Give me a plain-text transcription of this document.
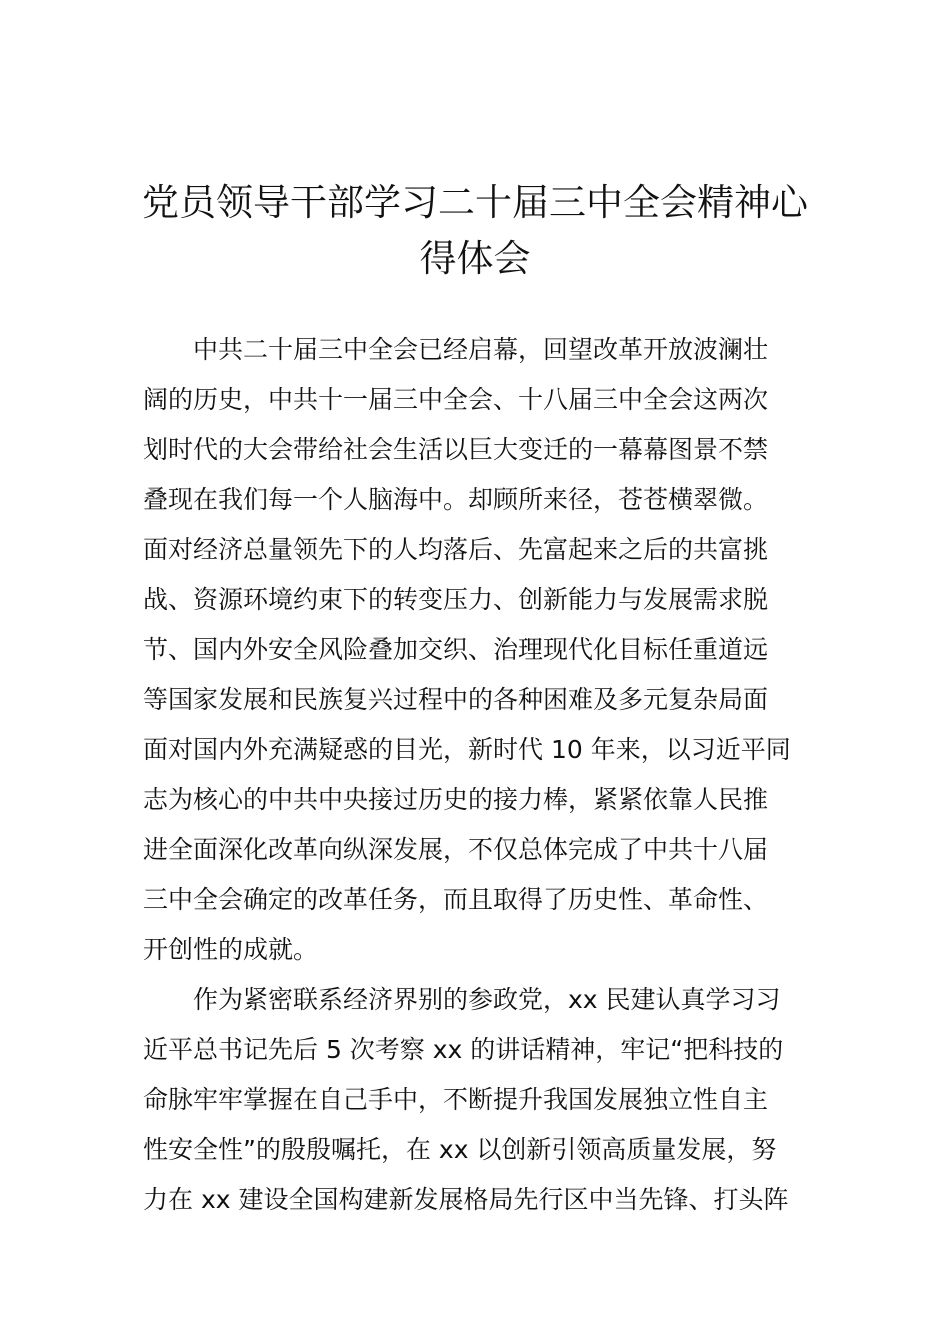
党员领导干部学习二十届三中全会精神心
得体会
中共二十届三中全会已经启幕，回望改革开放波澜壮
阔的历史，中共十一届三中全会、十八届三中全会这两次
划时代的大会带给社会生活以巨大变迁的一幕幕图景不禁
叠现在我们每一个人脑海中。却顾所来径，苍苍横翠微。
面对经济总量领先下的人均落后、先富起来之后的共富挑
战、资源环境约束下的转变压力、创新能力与发展需求脱
节、国内外安全风险叠加交织、治理现代化目标任重道远
等国家发展和民族复兴过程中的各种困难及多元复杂局面
面对国内外充满疑惑的目光，新时代 10 年来，以习近平同
志为核心的中共中央接过历史的接力棒，紧紧依靠人民推
进全面深化改革向纵深发展，不仅总体完成了中共十八届
三中全会确定的改革任务，而且取得了历史性、革命性、
开创性的成就。
作为紧密联系经济界别的参政党，xx 民建认真学习习
近平总书记先后 5 次考察 xx 的讲话精神，牢记“把科技的
命脉牢牢掌握在自己手中，不断提升我国发展独立性自主
性安全性”的殷殷嘱托，在 xx 以创新引领高质量发展，努
力在 xx 建设全国构建新发展格局先行区中当先锋、打头阵
